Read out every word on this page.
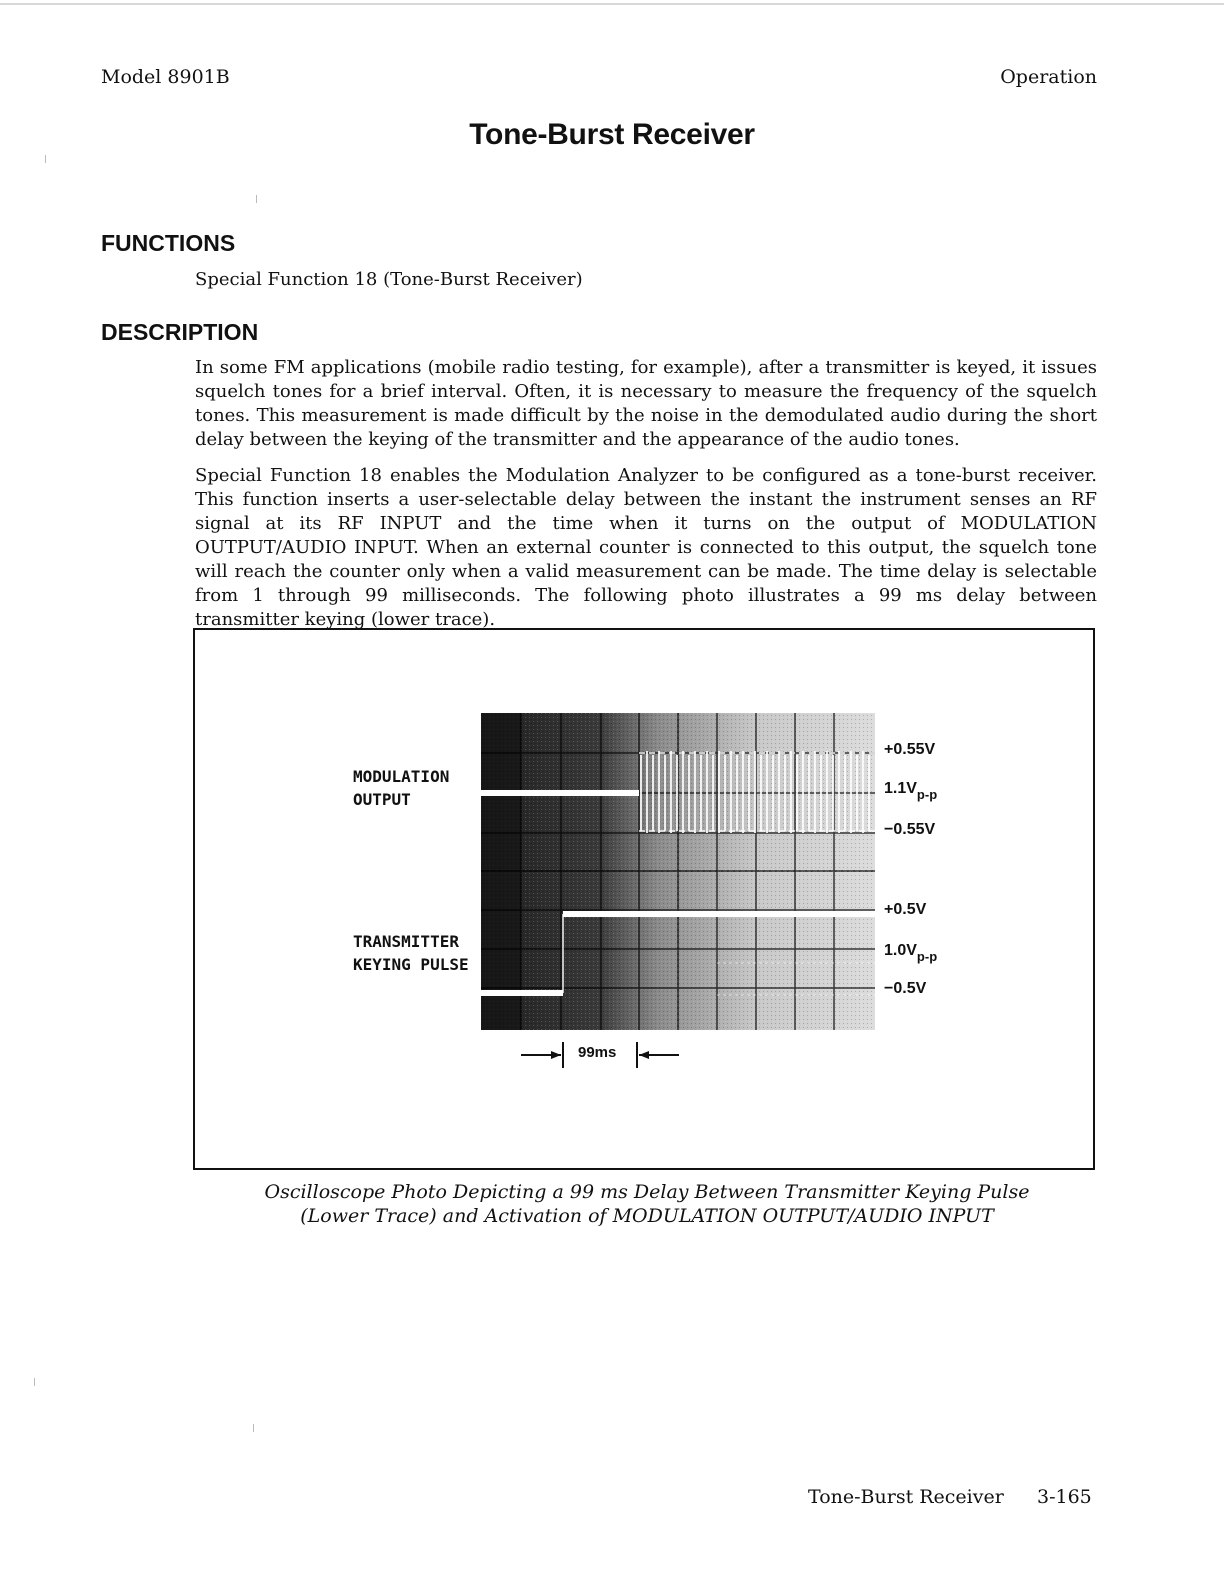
Model 8901B	Operation
Tone-Burst Receiver
FUNCTIONS
Special Function 18 (Tone-Burst Receiver)
DESCRIPTION
In some FM applications (mobile radio testing, for example), after a transmitter is keyed, it issues squelch tones for a brief interval. Often, it is necessary to measure the frequency of the squelch tones. This measurement is made difficult by the noise in the demodulated audio during the short delay between the keying of the transmitter and the appearance of the audio tones.
Special Function 18 enables the Modulation Analyzer to be configured as a tone-burst receiver. This function inserts a user-selectable delay between the instant the instrument senses an RF signal at its RF INPUT and the time when it turns on the output of MODULATION OUTPUT/AUDIO INPUT. When an external counter is connected to this output, the squelch tone will reach the counter only when a valid measurement can be made. The time delay is selectable from 1 through 99 milliseconds. The following photo illustrates a 99 ms delay between transmitter keying (lower trace).
MODULATION
OUTPUT
TRANSMITTER
KEYING PULSE
+0.55V
$1.1V_{p-p}$
−0.55V
+0.5V
$1.0V_{p-p}$
−0.5V
99ms
Oscilloscope Photo Depicting a 99 ms Delay Between Transmitter Keying Pulse
(Lower Trace) and Activation of MODULATION OUTPUT/AUDIO INPUT
Tone-Burst Receiver 3-165
